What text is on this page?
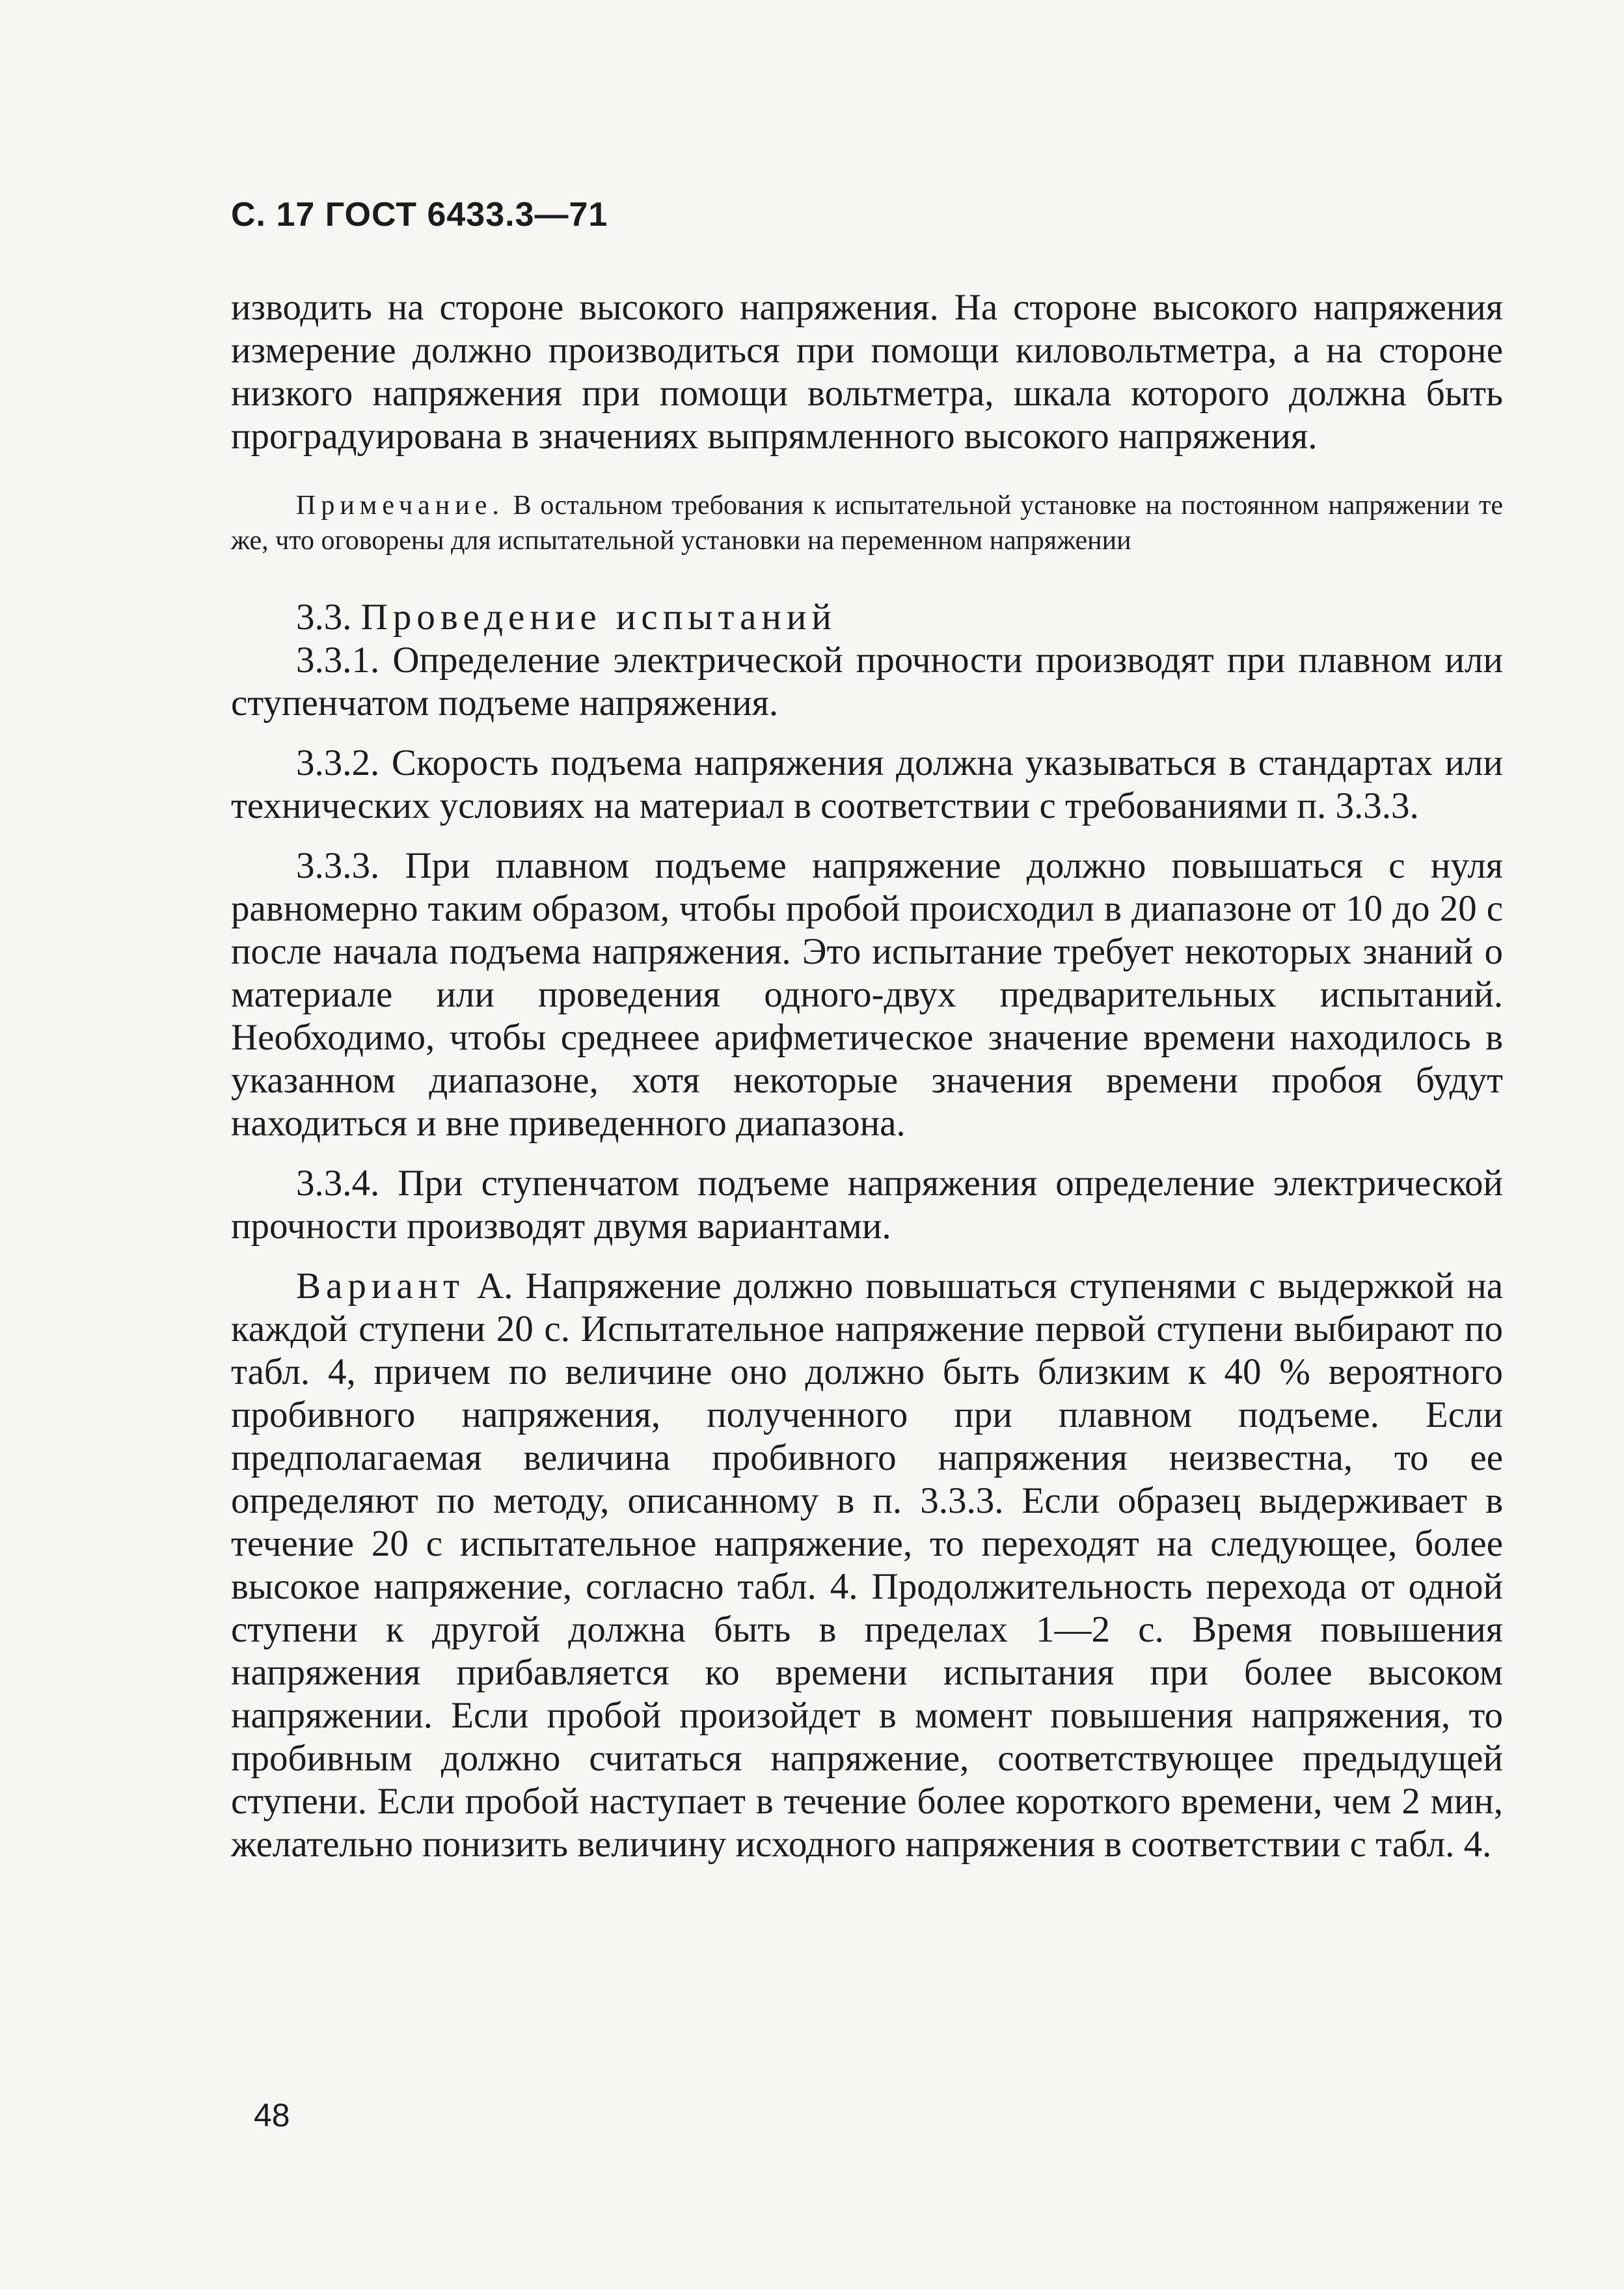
С. 17 ГОСТ 6433.3—71

изводить на стороне высокого напряжения. На стороне высокого напряжения измерение должно производиться при помощи киловольтметра, а на стороне низкого напряжения при помощи вольтметра, шкала которого должна быть проградуирована в значениях выпрямленного высокого напряжения.

Примечание. В остальном требования к испытательной установке на постоянном напряжении те же, что оговорены для испытательной установки на переменном напряжении

3.3. Проведение испытаний

3.3.1. Определение электрической прочности производят при плавном или ступенчатом подъеме напряжения.

3.3.2. Скорость подъема напряжения должна указываться в стандартах или технических условиях на материал в соответствии с требованиями п. 3.3.3.

3.3.3. При плавном подъеме напряжение должно повышаться с нуля равномерно таким образом, чтобы пробой происходил в диапазоне от 10 до 20 с после начала подъема напряжения. Это испытание требует некоторых знаний о материале или проведения одного-двух предварительных испытаний. Необходимо, чтобы среднеее арифметическое значение времени находилось в указанном диапазоне, хотя некоторые значения времени пробоя будут находиться и вне приведенного диапазона.

3.3.4. При ступенчатом подъеме напряжения определение электрической прочности производят двумя вариантами.

Вариант А. Напряжение должно повышаться ступенями с выдержкой на каждой ступени 20 с. Испытательное напряжение первой ступени выбирают по табл. 4, причем по величине оно должно быть близким к 40 % вероятного пробивного напряжения, полученного при плавном подъеме. Если предполагаемая величина пробивного напряжения неизвестна, то ее определяют по методу, описанному в п. 3.3.3. Если образец выдерживает в течение 20 с испытательное напряжение, то переходят на следующее, более высокое напряжение, согласно табл. 4. Продолжительность перехода от одной ступени к другой должна быть в пределах 1—2 с. Время повышения напряжения прибавляется ко времени испытания при более высоком напряжении. Если пробой произойдет в момент повышения напряжения, то пробивным должно считаться напряжение, соответствующее предыдущей ступени. Если пробой наступает в течение более короткого времени, чем 2 мин, желательно понизить величину исходного напряжения в соответствии с табл. 4.

48
